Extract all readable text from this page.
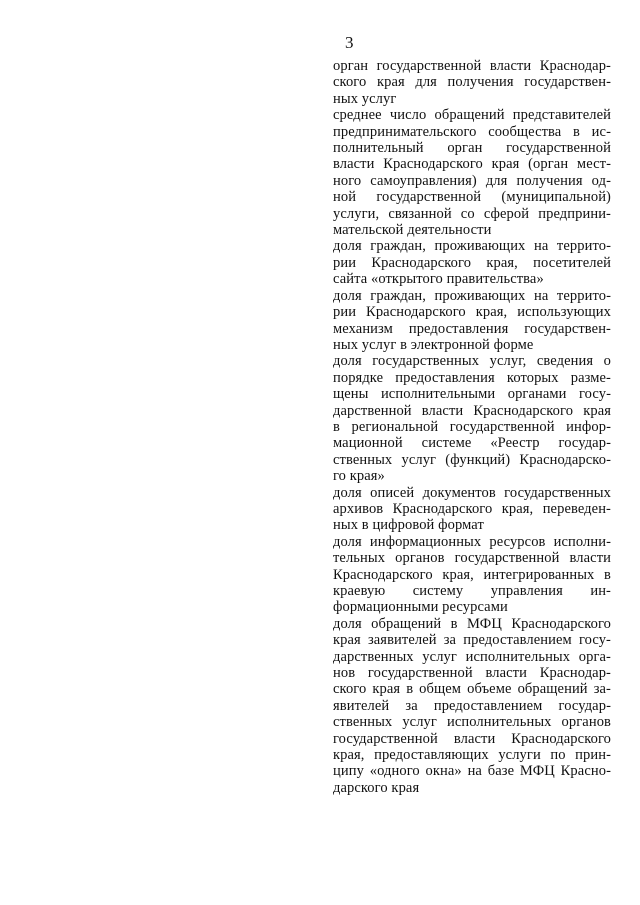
3
орган государственной власти Краснодар-
ского края для получения государствен-
ных услуг
среднее число обращений представителей
предпринимательского сообщества в ис-
полнительный орган государственной
власти Краснодарского края (орган мест-
ного самоуправления) для получения од-
ной государственной (муниципальной)
услуги, связанной со сферой предприни-
мательской деятельности
доля граждан, проживающих на террито-
рии Краснодарского края, посетителей
сайта «открытого правительства»
доля граждан, проживающих на террито-
рии Краснодарского края, использующих
механизм предоставления государствен-
ных услуг в электронной форме
доля государственных услуг, сведения о
порядке предоставления которых разме-
щены исполнительными органами госу-
дарственной власти Краснодарского края
в региональной государственной инфор-
мационной системе «Реестр государ-
ственных услуг (функций) Краснодарско-
го края»
доля описей документов государственных
архивов Краснодарского края, переведен-
ных в цифровой формат
доля информационных ресурсов исполни-
тельных органов государственной власти
Краснодарского края, интегрированных в
краевую систему управления ин-
формационными ресурсами
доля обращений в МФЦ Краснодарского
края заявителей за предоставлением госу-
дарственных услуг исполнительных орга-
нов государственной власти Краснодар-
ского края в общем объеме обращений за-
явителей за предоставлением государ-
ственных услуг исполнительных органов
государственной власти Краснодарского
края, предоставляющих услуги по прин-
ципу «одного окна» на базе МФЦ Красно-
дарского края
